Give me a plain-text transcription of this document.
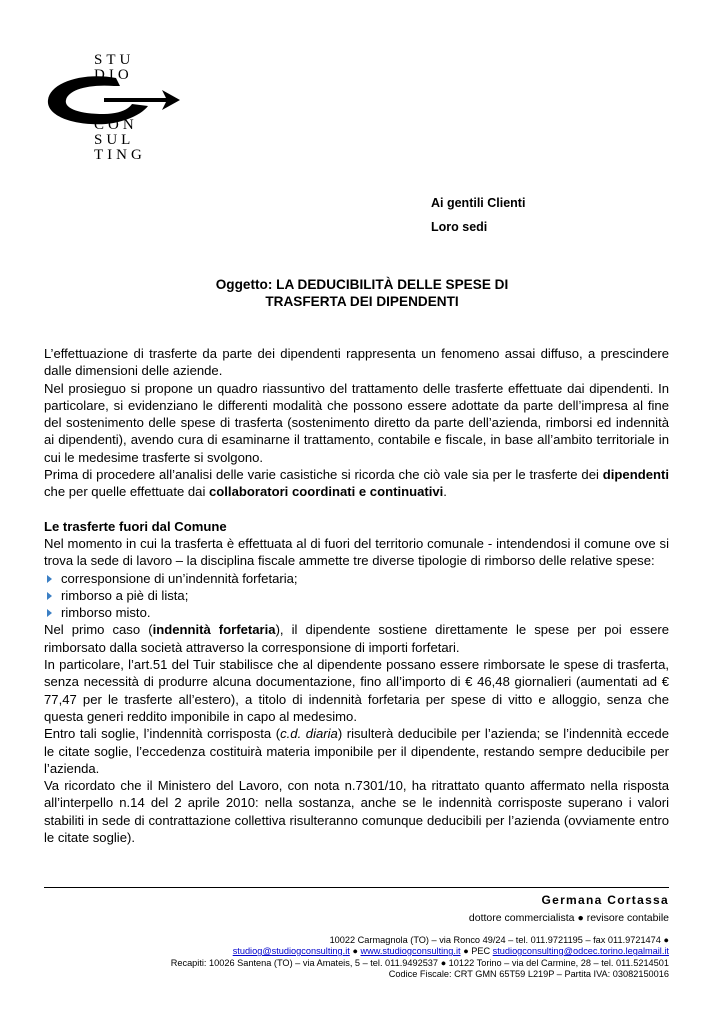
STU
DIO
CON
SUL
TING
Ai gentili Clienti
Loro sedi
Oggetto: LA DEDUCIBILITÀ DELLE SPESE DI
TRASFERTA DEI DIPENDENTI

L’effettuazione di trasferte da parte dei dipendenti rappresenta un fenomeno assai diffuso, a prescindere dalle dimensioni delle aziende.

Nel prosieguo si propone un quadro riassuntivo del trattamento delle trasferte effettuate dai dipendenti. In particolare, si evidenziano le differenti modalità che possono essere adottate da parte dell’impresa al fine del sostenimento delle spese di trasferta (sostenimento diretto da parte dell’azienda, rimborsi ed indennità ai dipendenti), avendo cura di esaminarne il trattamento, contabile e fiscale, in base all’ambito territoriale in cui le medesime trasferte si svolgono.

Prima di procedere all’analisi delle varie casistiche si ricorda che ciò vale sia per le trasferte dei dipendenti che per quelle effettuate dai collaboratori coordinati e continuativi.

Le trasferte fuori dal Comune

Nel momento in cui la trasferta è effettuata al di fuori del territorio comunale - intendendosi il comune ove si trova la sede di lavoro – la disciplina fiscale ammette tre diverse tipologie di rimborso delle relative spese:

corresponsione di un’indennità forfetaria;
rimborso a piè di lista;
rimborso misto.

Nel primo caso (indennità forfetaria), il dipendente sostiene direttamente le spese per poi essere rimborsato dalla società attraverso la corresponsione di importi forfetari.

In particolare, l’art.51 del Tuir stabilisce che al dipendente possano essere rimborsate le spese di trasferta, senza necessità di produrre alcuna documentazione, fino all’importo di € 46,48 giornalieri (aumentati ad € 77,47 per le trasferte all’estero), a titolo di indennità forfetaria per spese di vitto e alloggio, senza che questa generi reddito imponibile in capo al medesimo.

Entro tali soglie, l’indennità corrisposta (c.d. diaria) risulterà deducibile per l’azienda; se l’indennità eccede le citate soglie, l’eccedenza costituirà materia imponibile per il dipendente, restando sempre deducibile per l’azienda.

Va ricordato che il Ministero del Lavoro, con nota n.7301/10, ha ritrattato quanto affermato nella risposta all’interpello n.14 del 2 aprile 2010: nella sostanza, anche se le indennità corrisposte superano i valori stabiliti in sede di contrattazione collettiva risulteranno comunque deducibili per l’azienda (ovviamente entro le citate soglie).

Germana Cortassa
dottore commercialista ● revisore contabile
10022 Carmagnola (TO) – via Ronco 49/24 – tel. 011.9721195 – fax 011.9721474 ●
studiog@studiogconsulting.it ● www.studiogconsulting.it ● PEC studiogconsulting@odcec.torino.legalmail.it
Recapiti: 10026 Santena (TO) – via Amateis, 5 – tel. 011.9492537 ● 10122 Torino – via del Carmine, 28 – tel. 011.5214501
Codice Fiscale: CRT GMN 65T59 L219P – Partita IVA: 03082150016
